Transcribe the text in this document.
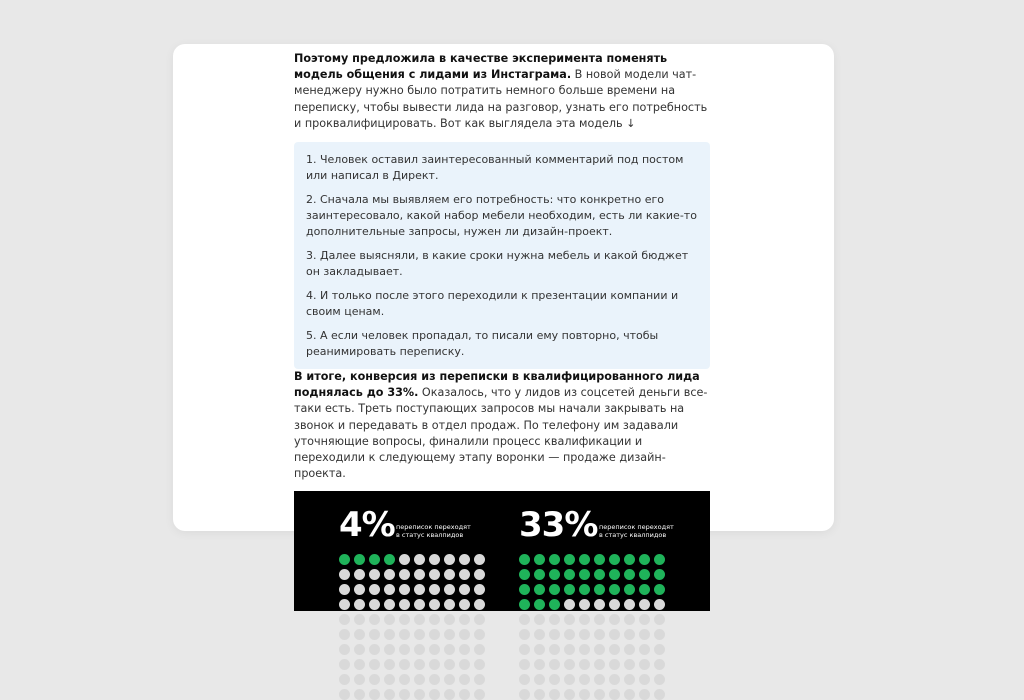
Поэтому предложила в качестве эксперимента поменять модель общения с лидами из Инстаграма. В новой модели чат-менеджеру нужно было потратить немного больше времени на переписку, чтобы вывести лида на разговор, узнать его потребность и проквалифицировать. Вот как выглядела эта модель ↓

1. Человек оставил заинтересованный комментарий под постом или написал в Директ.

2. Сначала мы выявляем его потребность: что конкретно его заинтересовало, какой набор мебели необходим, есть ли какие-то дополнительные запросы, нужен ли дизайн-проект.

3. Далее выясняли, в какие сроки нужна мебель и какой бюджет он закладывает.

4. И только после этого переходили к презентации компании и своим ценам.

5. А если человек пропадал, то писали ему повторно, чтобы реанимировать переписку.

В итоге, конверсия из переписки в квалифицированного лида поднялась до 33%. Оказалось, что у лидов из соцсетей деньги все-таки есть. Треть поступающих запросов мы начали закрывать на звонок и передавать в отдел продаж. По телефону им задавали уточняющие вопросы, финалили процесс квалификации и переходили к следующему этапу воронки — продаже дизайн-проекта.

4% переписок переходят
в статус квалпидов 33% переписок переходят
в статус квалпидов
